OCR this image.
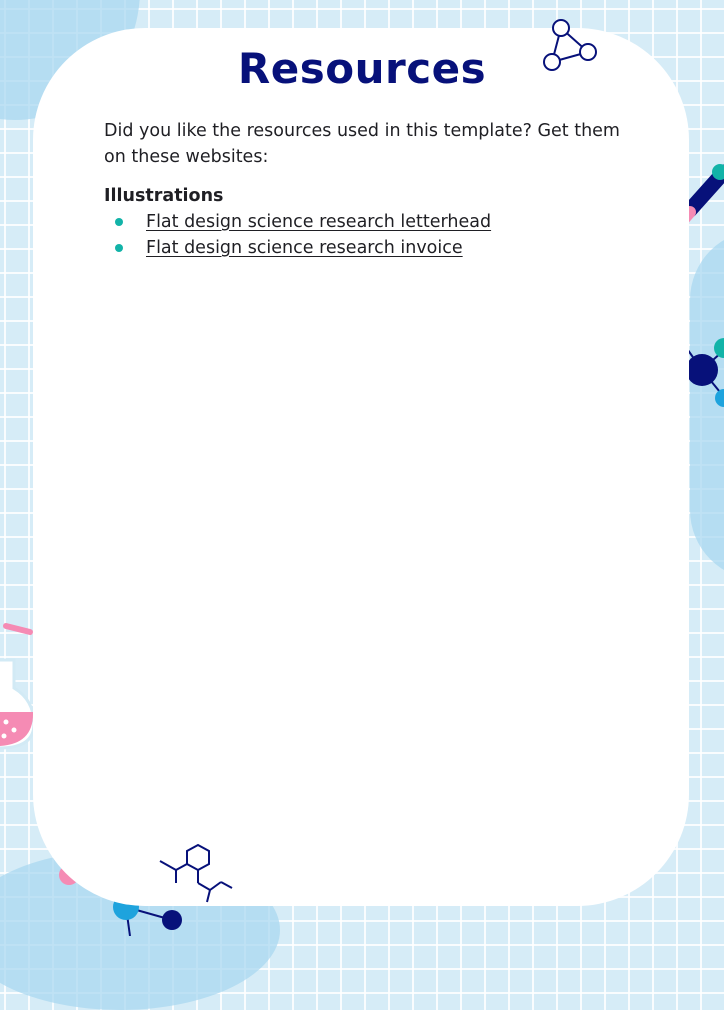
Resources

Did you like the resources used in this template? Get them on these websites:

Illustrations
Flat design science research letterhead
Flat design science research invoice
